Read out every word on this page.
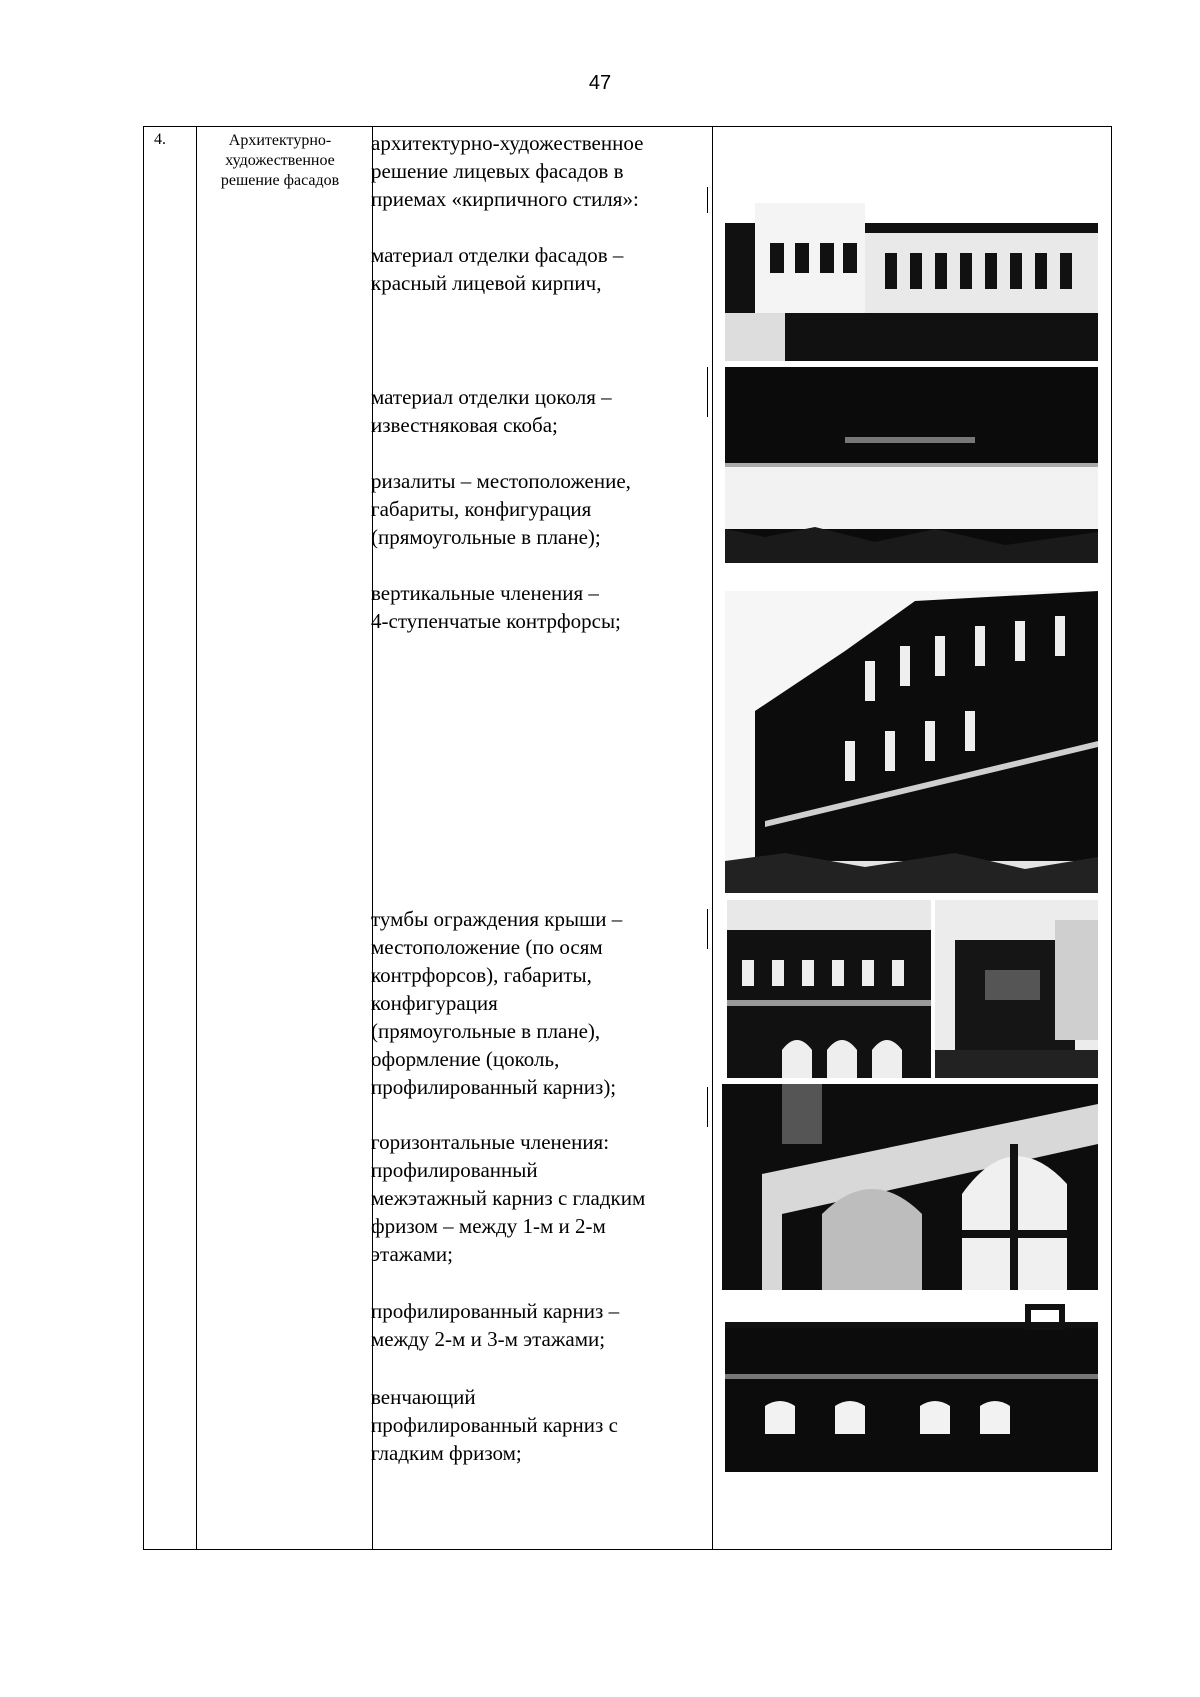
47
4.	Архитектурно-
художественное
решение фасадов
архитектурно-художественное
решение лицевых фасадов в
приемах «кирпичного стиля»:
материал отделки фасадов –
красный лицевой кирпич,
материал отделки цоколя –
известняковая скоба;
ризалиты – местоположение,
габариты, конфигурация
(прямоугольные в плане);
вертикальные членения –
4-ступенчатые контрфорсы;
тумбы ограждения крыши –
местоположение (по осям
контрфорсов), габариты,
конфигурация
(прямоугольные в плане),
оформление (цоколь,
профилированный карниз);
горизонтальные членения:
профилированный
межэтажный карниз с гладким
фризом – между 1-м и 2-м
этажами;
профилированный карниз –
между 2-м и 3-м этажами;
венчающий
профилированный карниз с
гладким фризом;
